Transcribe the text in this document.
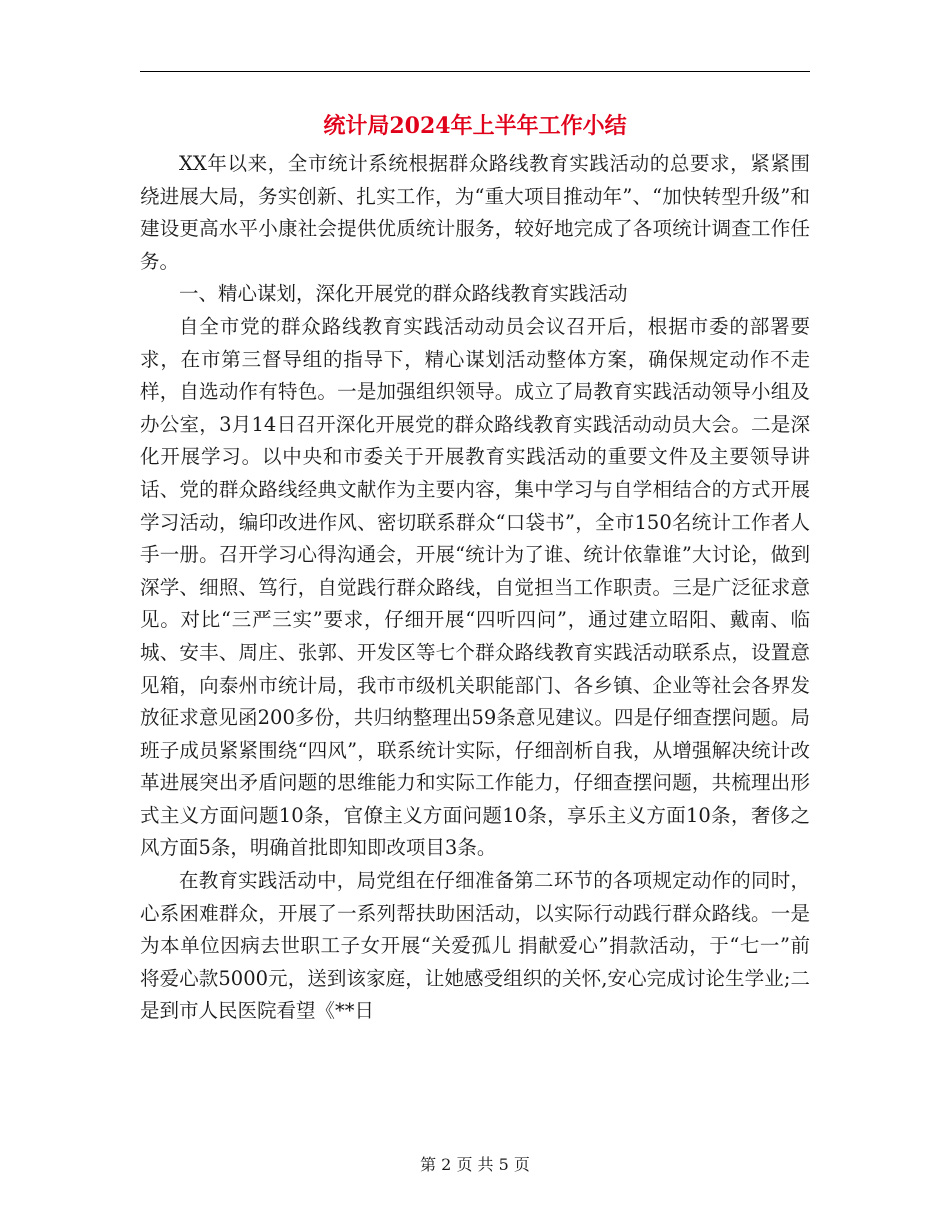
统计局2024年上半年工作小结

XX年以来，全市统计系统根据群众路线教育实践活动的总要求，紧紧围绕进展大局，务实创新、扎实工作，为“重大项目推动年”、“加快转型升级”和建设更高水平小康社会提供优质统计服务，较好地完成了各项统计调查工作任务。

一、精心谋划，深化开展党的群众路线教育实践活动

自全市党的群众路线教育实践活动动员会议召开后，根据市委的部署要求，在市第三督导组的指导下，精心谋划活动整体方案，确保规定动作不走样，自选动作有特色。一是加强组织领导。成立了局教育实践活动领导小组及办公室，3月14日召开深化开展党的群众路线教育实践活动动员大会。二是深化开展学习。以中央和市委关于开展教育实践活动的重要文件及主要领导讲话、党的群众路线经典文献作为主要内容，集中学习与自学相结合的方式开展学习活动，编印改进作风、密切联系群众“口袋书”，全市150名统计工作者人手一册。召开学习心得沟通会，开展“统计为了谁、统计依靠谁”大讨论，做到深学、细照、笃行，自觉践行群众路线，自觉担当工作职责。三是广泛征求意见。对比“三严三实”要求，仔细开展“四听四问”，通过建立昭阳、戴南、临城、安丰、周庄、张郭、开发区等七个群众路线教育实践活动联系点，设置意见箱，向泰州市统计局，我市市级机关职能部门、各乡镇、企业等社会各界发放征求意见函200多份，共归纳整理出59条意见建议。四是仔细查摆问题。局班子成员紧紧围绕“四风”，联系统计实际，仔细剖析自我，从增强解决统计改革进展突出矛盾问题的思维能力和实际工作能力，仔细查摆问题，共梳理出形式主义方面问题10条，官僚主义方面问题10条，享乐主义方面10条，奢侈之风方面5条，明确首批即知即改项目3条。

在教育实践活动中，局党组在仔细准备第二环节的各项规定动作的同时，心系困难群众，开展了一系列帮扶助困活动，以实际行动践行群众路线。一是为本单位因病去世职工子女开展“关爱孤儿 捐献爱心”捐款活动，于“七一”前将爱心款5000元，送到该家庭，让她感受组织的关怀,安心完成讨论生学业;二是到市人民医院看望《**日

第 2 页 共 5 页
